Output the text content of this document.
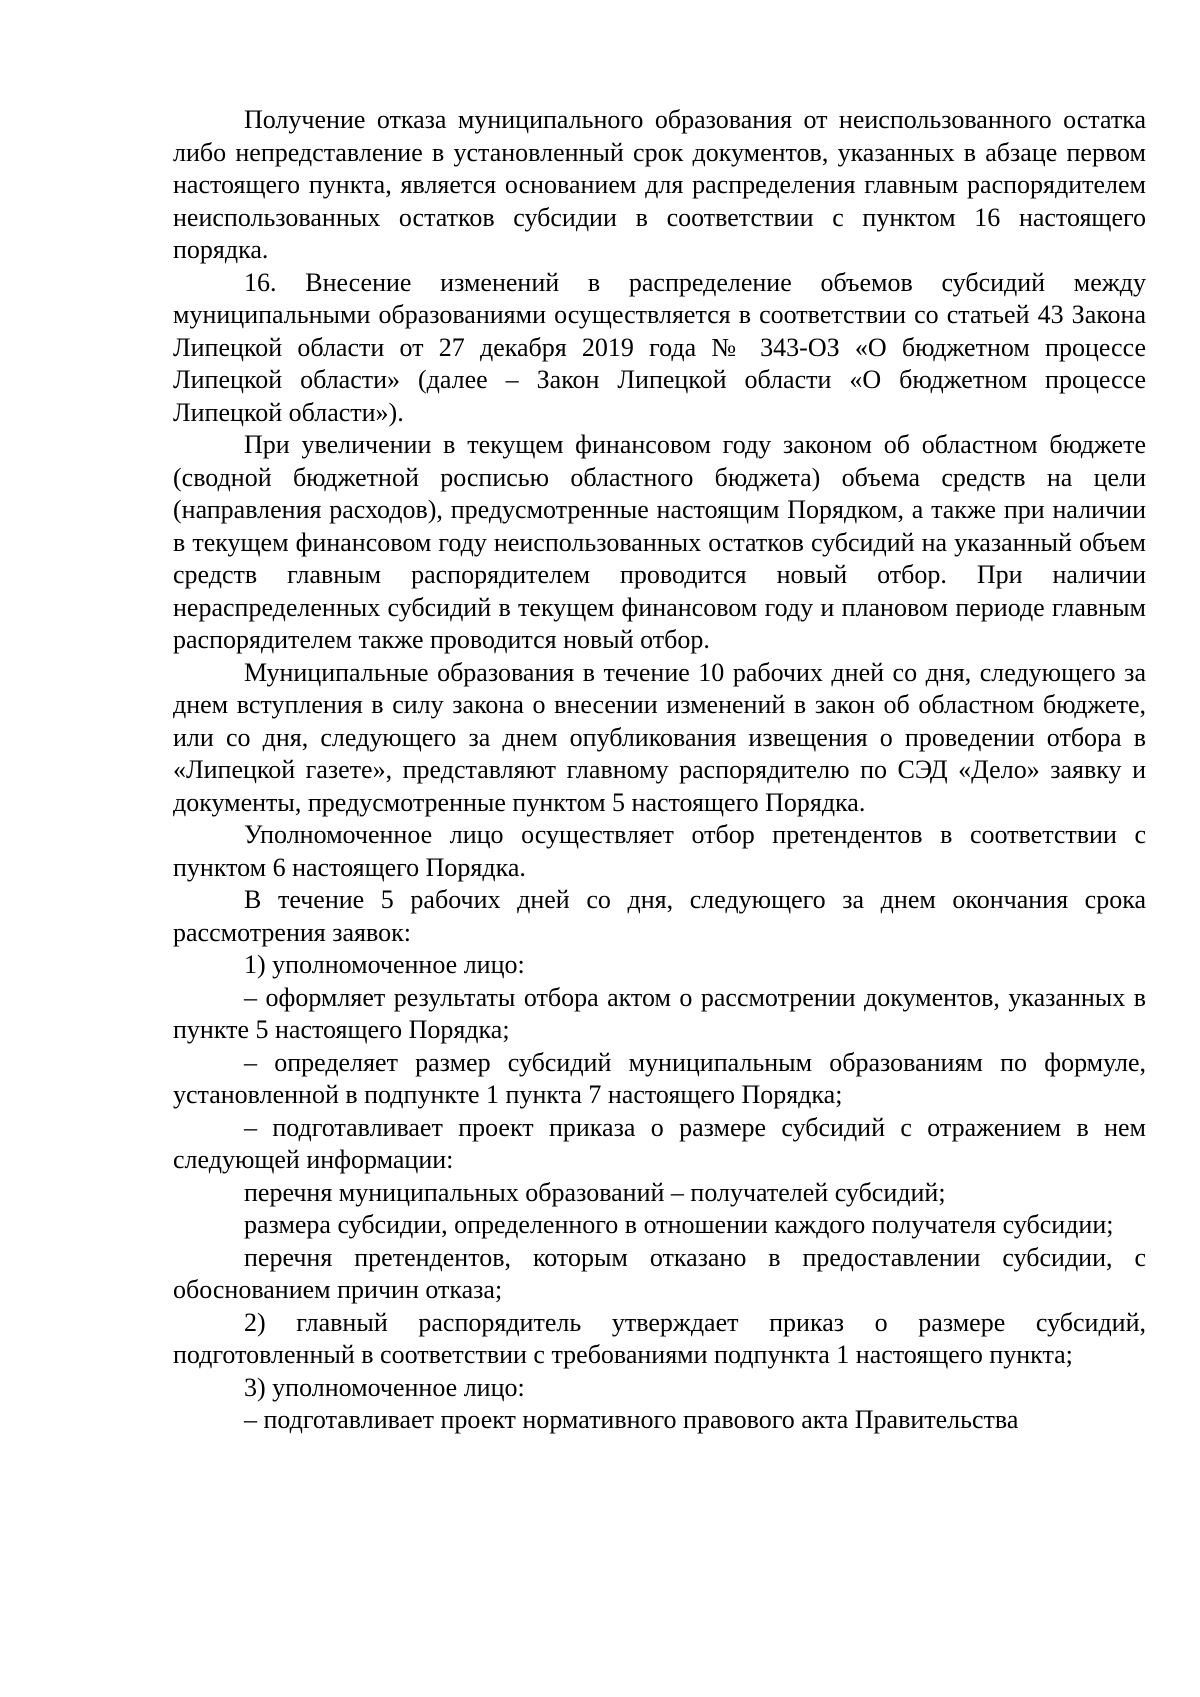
Получение отказа муниципального образования от неиспользованного остатка либо непредставление в установленный срок документов, указанных в абзаце первом настоящего пункта, является основанием для распределения главным распорядителем неиспользованных остатков субсидии в соответствии с пунктом 16 настоящего порядка.

16. Внесение изменений в распределение объемов субсидий между муниципальными образованиями осуществляется в соответствии со статьей 43 Закона Липецкой области от 27 декабря 2019 года № 343-ОЗ «О бюджетном процессе Липецкой области» (далее – Закон Липецкой области «О бюджетном процессе Липецкой области»).

При увеличении в текущем финансовом году законом об областном бюджете (сводной бюджетной росписью областного бюджета) объема средств на цели (направления расходов), предусмотренные настоящим Порядком, а также при наличии в текущем финансовом году неиспользованных остатков субсидий на указанный объем средств главным распорядителем проводится новый отбор. При наличии нераспределенных субсидий в текущем финансовом году и плановом периоде главным распорядителем также проводится новый отбор.

Муниципальные образования в течение 10 рабочих дней со дня, следующего за днем вступления в силу закона о внесении изменений в закон об областном бюджете, или со дня, следующего за днем опубликования извещения о проведении отбора в «Липецкой газете», представляют главному распорядителю по СЭД «Дело» заявку и документы, предусмотренные пунктом 5 настоящего Порядка.

Уполномоченное лицо осуществляет отбор претендентов в соответствии с пунктом 6 настоящего Порядка.

В течение 5 рабочих дней со дня, следующего за днем окончания срока рассмотрения заявок:

1) уполномоченное лицо:

– оформляет результаты отбора актом о рассмотрении документов, указанных в пункте 5 настоящего Порядка;

– определяет размер субсидий муниципальным образованиям по формуле, установленной в подпункте 1 пункта 7 настоящего Порядка;

– подготавливает проект приказа о размере субсидий с отражением в нем следующей информации:

перечня муниципальных образований – получателей субсидий;

размера субсидии, определенного в отношении каждого получателя субсидии;

перечня претендентов, которым отказано в предоставлении субсидии, с обоснованием причин отказа;

2) главный распорядитель утверждает приказ о размере субсидий, подготовленный в соответствии с требованиями подпункта 1 настоящего пункта;

3) уполномоченное лицо:

– подготавливает проект нормативного правового акта Правительства
